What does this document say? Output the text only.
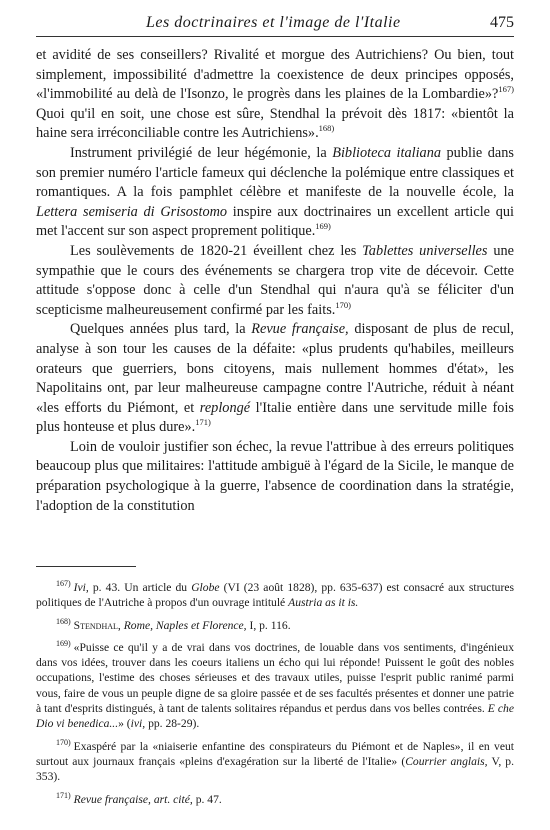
Les doctrinaires et l'image de l'Italie	475

et avidité de ses conseillers? Rivalité et morgue des Autrichiens? Ou bien, tout simplement, impossibilité d'admettre la coexistence de deux principes opposés, «l'immobilité au delà de l'Isonzo, le progrès dans les plaines de la Lombardie»?$^{167)}$ Quoi qu'il en soit, une chose est sûre, Stendhal la prévoit dès 1817: «bientôt la haine sera irréconciliable contre les Autrichiens».$^{168)}$

Instrument privilégié de leur hégémonie, la Biblioteca italiana publie dans son premier numéro l'article fameux qui déclenche la polémique entre classiques et romantiques. A la fois pamphlet célèbre et manifeste de la nouvelle école, la Lettera semiseria di Grisostomo inspire aux doctrinaires un excellent article qui met l'accent sur son aspect proprement politique.$^{169)}$

Les soulèvements de 1820-21 éveillent chez les Tablettes universelles une sympathie que le cours des événements se chargera trop vite de décevoir. Cette attitude s'oppose donc à celle d'un Stendhal qui n'aura qu'à se féliciter d'un scepticisme malheureusement confirmé par les faits.$^{170)}$

Quelques années plus tard, la Revue française, disposant de plus de recul, analyse à son tour les causes de la défaite: «plus prudents qu'habiles, meilleurs orateurs que guerriers, bons citoyens, mais nullement hommes d'état», les Napolitains ont, par leur malheureuse campagne contre l'Autriche, réduit à néant «les efforts du Piémont, et replongé l'Italie entière dans une servitude mille fois plus honteuse et plus dure».$^{171)}$

Loin de vouloir justifier son échec, la revue l'attribue à des erreurs politiques beaucoup plus que militaires: l'attitude ambiguë à l'égard de la Sicile, le manque de préparation psychologique à la guerre, l'absence de coordination dans la stratégie, l'adoption de la constitution

$^{167)}$ Ivi, p. 43. Un article du Globe (VI (23 août 1828), pp. 635-637) est consacré aux structures politiques de l'Autriche à propos d'un ouvrage intitulé Austria as it is.

$^{168)}$ Stendhal, Rome, Naples et Florence, I, p. 116.

$^{169)}$ «Puisse ce qu'il y a de vrai dans vos doctrines, de louable dans vos sentiments, d'ingénieux dans vos idées, trouver dans les coeurs italiens un écho qui lui réponde! Puissent le goût des nobles occupations, l'estime des choses sérieuses et des travaux utiles, puisse l'esprit public ranimé parmi vous, faire de vous un peuple digne de sa gloire passée et de ses facultés présentes et donner une patrie à tant d'esprits distingués, à tant de talents solitaires répandus et perdus dans vos belles contrées. E che Dio vi benedica...» (ivi, pp. 28-29).

$^{170)}$ Exaspéré par la «niaiserie enfantine des conspirateurs du Piémont et de Naples», il en veut surtout aux journaux français «pleins d'exagération sur la liberté de l'Italie» (Courrier anglais, V, p. 353).

$^{171)}$ Revue française, art. cité, p. 47.
